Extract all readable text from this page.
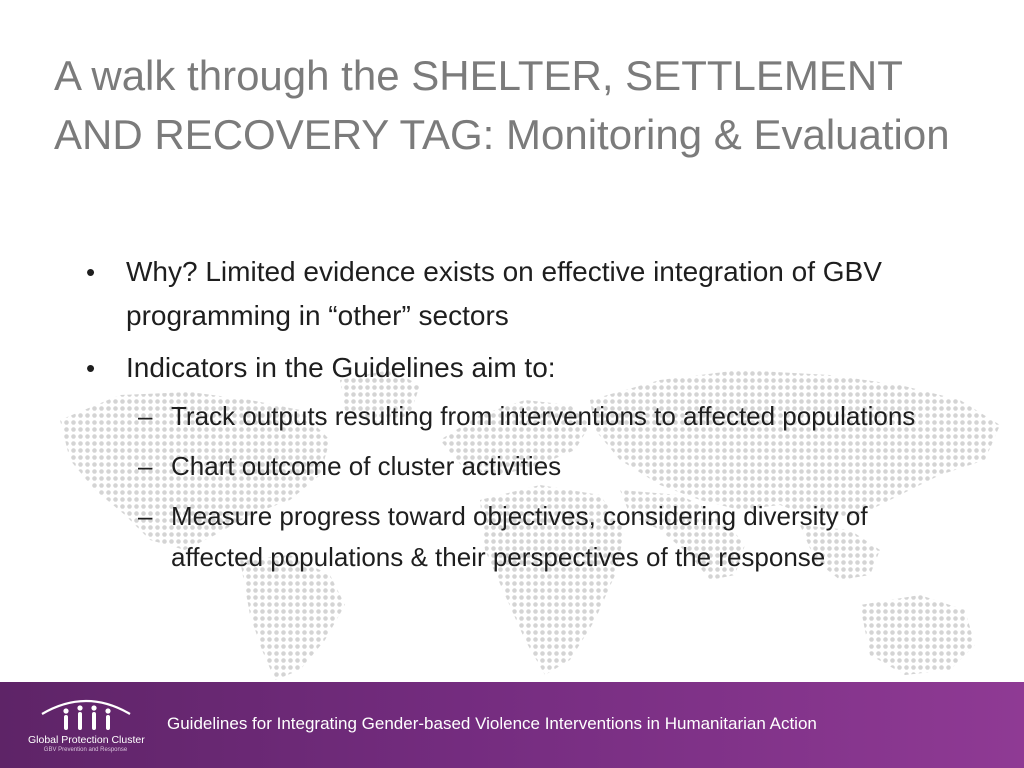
A walk through the SHELTER, SETTLEMENT AND RECOVERY TAG: Monitoring & Evaluation
• Why? Limited evidence exists on effective integration of GBV programming in “other” sectors
• Indicators in the Guidelines aim to:
– Track outputs resulting from interventions to affected populations
– Chart outcome of cluster activities
– Measure progress toward objectives, considering diversity of affected populations & their perspectives of the response
Global Protection Cluster
GBV Prevention and Response
Guidelines for Integrating Gender-based Violence Interventions in Humanitarian Action
